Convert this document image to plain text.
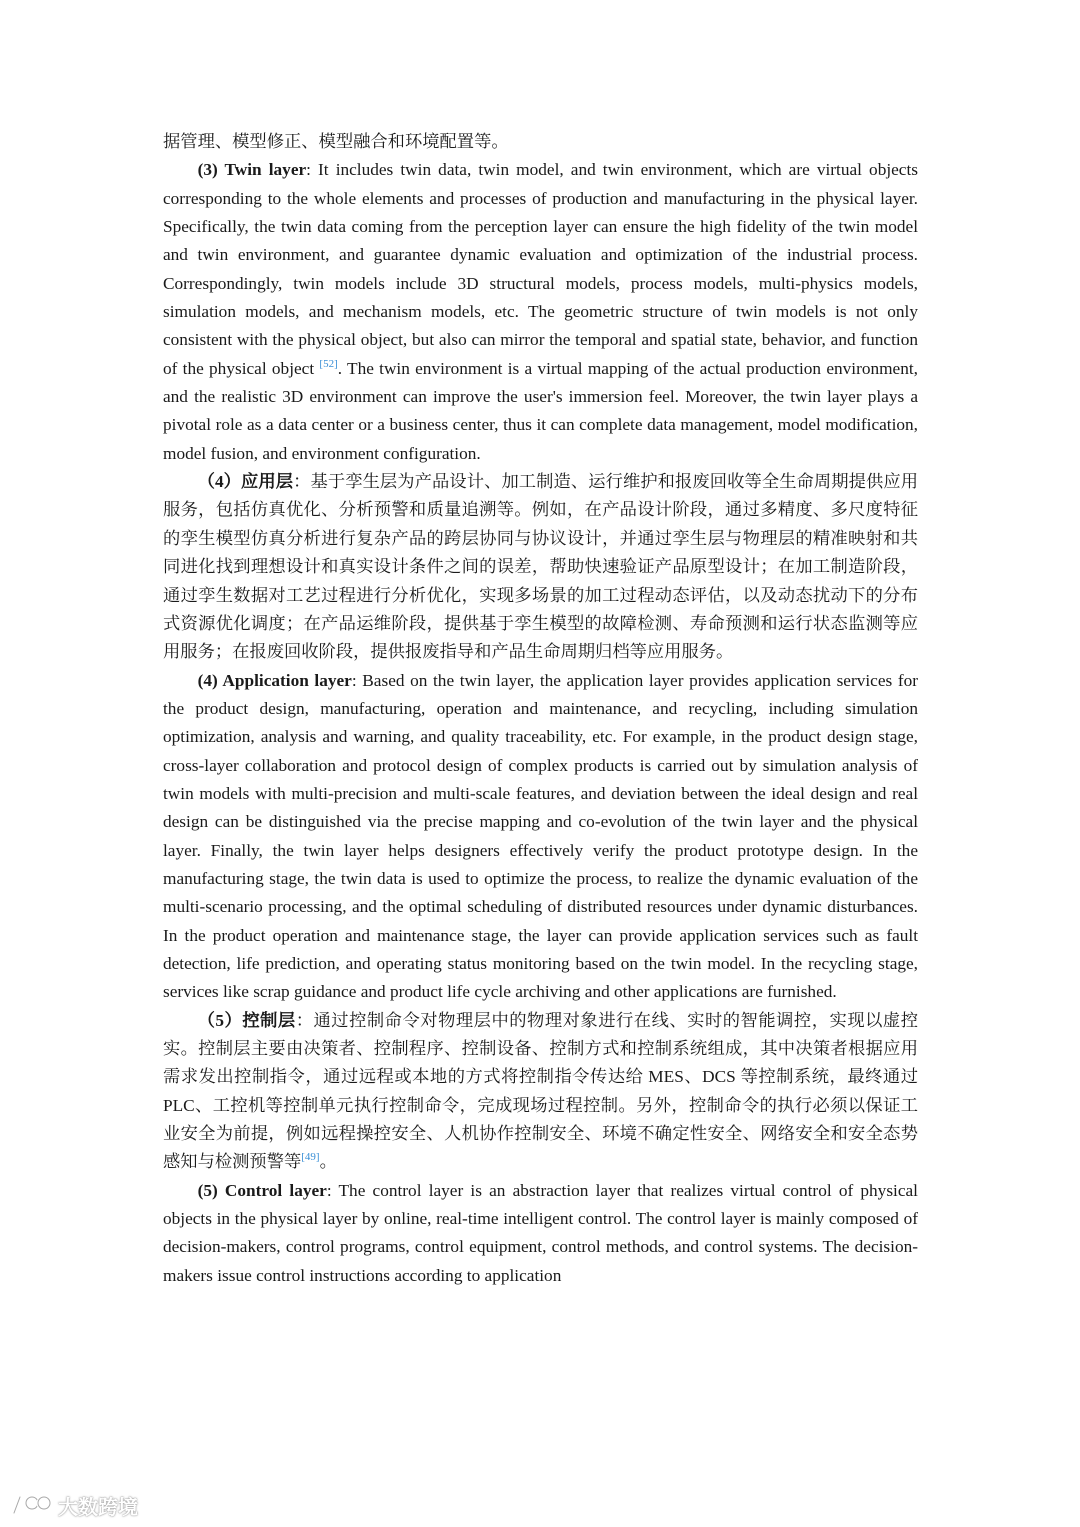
据管理、模型修正、模型融合和环境配置等。

(3) Twin layer: It includes twin data, twin model, and twin environment, which are virtual objects corresponding to the whole elements and processes of production and manufacturing in the physical layer. Specifically, the twin data coming from the perception layer can ensure the high fidelity of the twin model and twin environment, and guarantee dynamic evaluation and optimization of the industrial process. Correspondingly, twin models include 3D structural models, process models, multi-physics models, simulation models, and mechanism models, etc. The geometric structure of twin models is not only consistent with the physical object, but also can mirror the temporal and spatial state, behavior, and function of the physical object [52]. The twin environment is a virtual mapping of the actual production environment, and the realistic 3D environment can improve the user's immersion feel. Moreover, the twin layer plays a pivotal role as a data center or a business center, thus it can complete data management, model modification, model fusion, and environment configuration.

（4）应用层：基于孪生层为产品设计、加工制造、运行维护和报废回收等全生命周期提供应用服务，包括仿真优化、分析预警和质量追溯等。例如，在产品设计阶段，通过多精度、多尺度特征的孪生模型仿真分析进行复杂产品的跨层协同与协议设计，并通过孪生层与物理层的精准映射和共同进化找到理想设计和真实设计条件之间的误差，帮助快速验证产品原型设计；在加工制造阶段，通过孪生数据对工艺过程进行分析优化，实现多场景的加工过程动态评估，以及动态扰动下的分布式资源优化调度；在产品运维阶段，提供基于孪生模型的故障检测、寿命预测和运行状态监测等应用服务；在报废回收阶段，提供报废指导和产品生命周期归档等应用服务。

(4) Application layer: Based on the twin layer, the application layer provides application services for the product design, manufacturing, operation and maintenance, and recycling, including simulation optimization, analysis and warning, and quality traceability, etc. For example, in the product design stage, cross-layer collaboration and protocol design of complex products is carried out by simulation analysis of twin models with multi-precision and multi-scale features, and deviation between the ideal design and real design can be distinguished via the precise mapping and co-evolution of the twin layer and the physical layer. Finally, the twin layer helps designers effectively verify the product prototype design. In the manufacturing stage, the twin data is used to optimize the process, to realize the dynamic evaluation of the multi-scenario processing, and the optimal scheduling of distributed resources under dynamic disturbances. In the product operation and maintenance stage, the layer can provide application services such as fault detection, life prediction, and operating status monitoring based on the twin model. In the recycling stage, services like scrap guidance and product life cycle archiving and other applications are furnished.

（5）控制层：通过控制命令对物理层中的物理对象进行在线、实时的智能调控，实现以虚控实。控制层主要由决策者、控制程序、控制设备、控制方式和控制系统组成，其中决策者根据应用需求发出控制指令，通过远程或本地的方式将控制指令传达给 MES、DCS 等控制系统，最终通过 PLC、工控机等控制单元执行控制命令，完成现场过程控制。另外，控制命令的执行必须以保证工业安全为前提，例如远程操控安全、人机协作控制安全、环境不确定性安全、网络安全和安全态势感知与检测预警等[49]。

(5) Control layer: The control layer is an abstraction layer that realizes virtual control of physical objects in the physical layer by online, real-time intelligent control. The control layer is mainly composed of decision-makers, control programs, control equipment, control methods, and control systems. The decision-makers issue control instructions according to application

大数跨境
